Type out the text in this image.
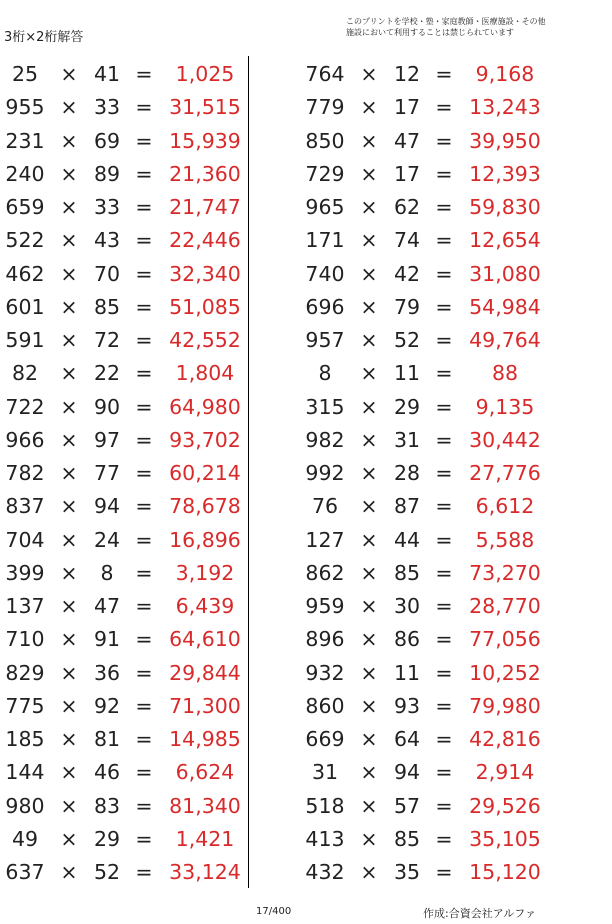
3桁×2桁解答
このプリントを学校・塾・家庭教師・医療施設・その他
施設において利用することは禁じられています
25	× 41 =	1,025
955 × 33 = 31,515
231 × 69 = 15,939
240 × 89 = 21,360
659 × 33 = 21,747
522 × 43 = 22,446
462 × 70 = 32,340
601 × 85 = 51,085
591 × 72 = 42,552
82	× 22 =	1,804
722 × 90 = 64,980
966 × 97 = 93,702
782 × 77 = 60,214
837 × 94 = 78,678
704 × 24 = 16,896
399 ×	8	=	3,192
137 × 47 =	6,439
710 × 91 = 64,610
829 × 36 = 29,844
775 × 92 = 71,300
185 × 81 = 14,985
144 × 46 =	6,624
980 × 83 = 81,340
49	× 29 =	1,421
637 × 52 = 33,124
764 × 12 =	9,168
779 × 17 = 13,243
850 × 47 = 39,950
729 × 17 = 12,393
965 × 62 = 59,830
171 × 74 = 12,654
740 × 42 = 31,080
696 × 79 = 54,984
957 × 52 = 49,764
8	× 11 =	88
315 × 29 =	9,135
982 × 31 = 30,442
992 × 28 = 27,776
76	× 87 =	6,612
127 × 44 =	5,588
862 × 85 = 73,270
959 × 30 = 28,770
896 × 86 = 77,056
932 × 11 = 10,252
860 × 93 = 79,980
669 × 64 = 42,816
31	× 94 =	2,914
518 × 57 = 29,526
413 × 85 = 35,105
432 × 35 = 15,120
17/400	作成:合資会社アルファ
